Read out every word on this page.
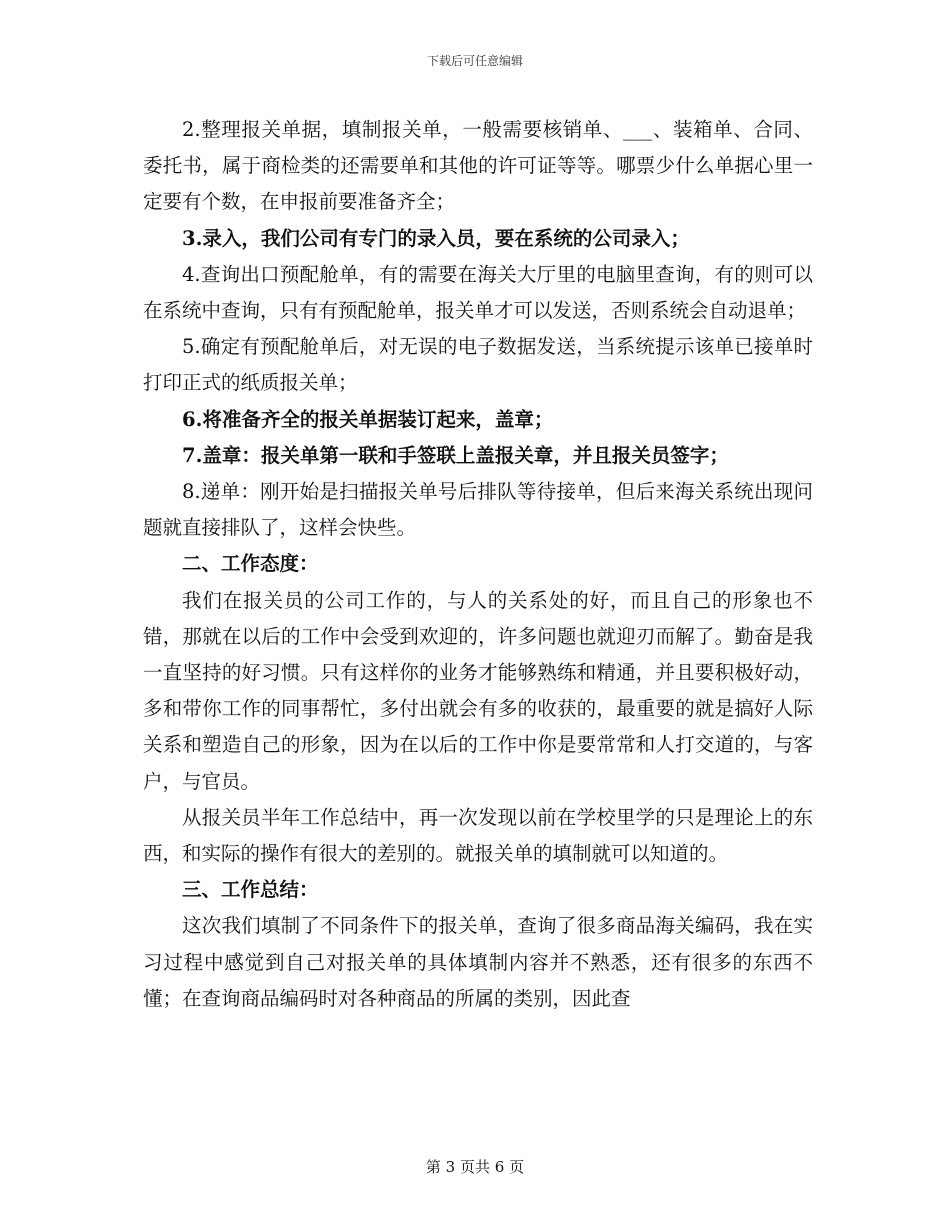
下载后可任意编辑

2.整理报关单据，填制报关单，一般需要核销单、___、装箱单、合同、委托书，属于商检类的还需要单和其他的许可证等等。哪票少什么单据心里一定要有个数，在申报前要准备齐全；

3.录入，我们公司有专门的录入员，要在系统的公司录入；

4.查询出口预配舱单，有的需要在海关大厅里的电脑里查询，有的则可以在系统中查询，只有有预配舱单，报关单才可以发送，否则系统会自动退单；

5.确定有预配舱单后，对无误的电子数据发送，当系统提示该单已接单时打印正式的纸质报关单；

6.将准备齐全的报关单据装订起来，盖章；

7.盖章：报关单第一联和手签联上盖报关章，并且报关员签字；

8.递单：刚开始是扫描报关单号后排队等待接单，但后来海关系统出现问题就直接排队了，这样会快些。

二、工作态度：

我们在报关员的公司工作的，与人的关系处的好，而且自己的形象也不错，那就在以后的工作中会受到欢迎的，许多问题也就迎刃而解了。勤奋是我一直坚持的好习惯。只有这样你的业务才能够熟练和精通，并且要积极好动，多和带你工作的同事帮忙，多付出就会有多的收获的，最重要的就是搞好人际关系和塑造自己的形象，因为在以后的工作中你是要常常和人打交道的，与客户，与官员。

从报关员半年工作总结中，再一次发现以前在学校里学的只是理论上的东西，和实际的操作有很大的差别的。就报关单的填制就可以知道的。

三、工作总结：

这次我们填制了不同条件下的报关单，查询了很多商品海关编码，我在实习过程中感觉到自己对报关单的具体填制内容并不熟悉，还有很多的东西不懂；在查询商品编码时对各种商品的所属的类别，因此查

第 3 页共 6 页
